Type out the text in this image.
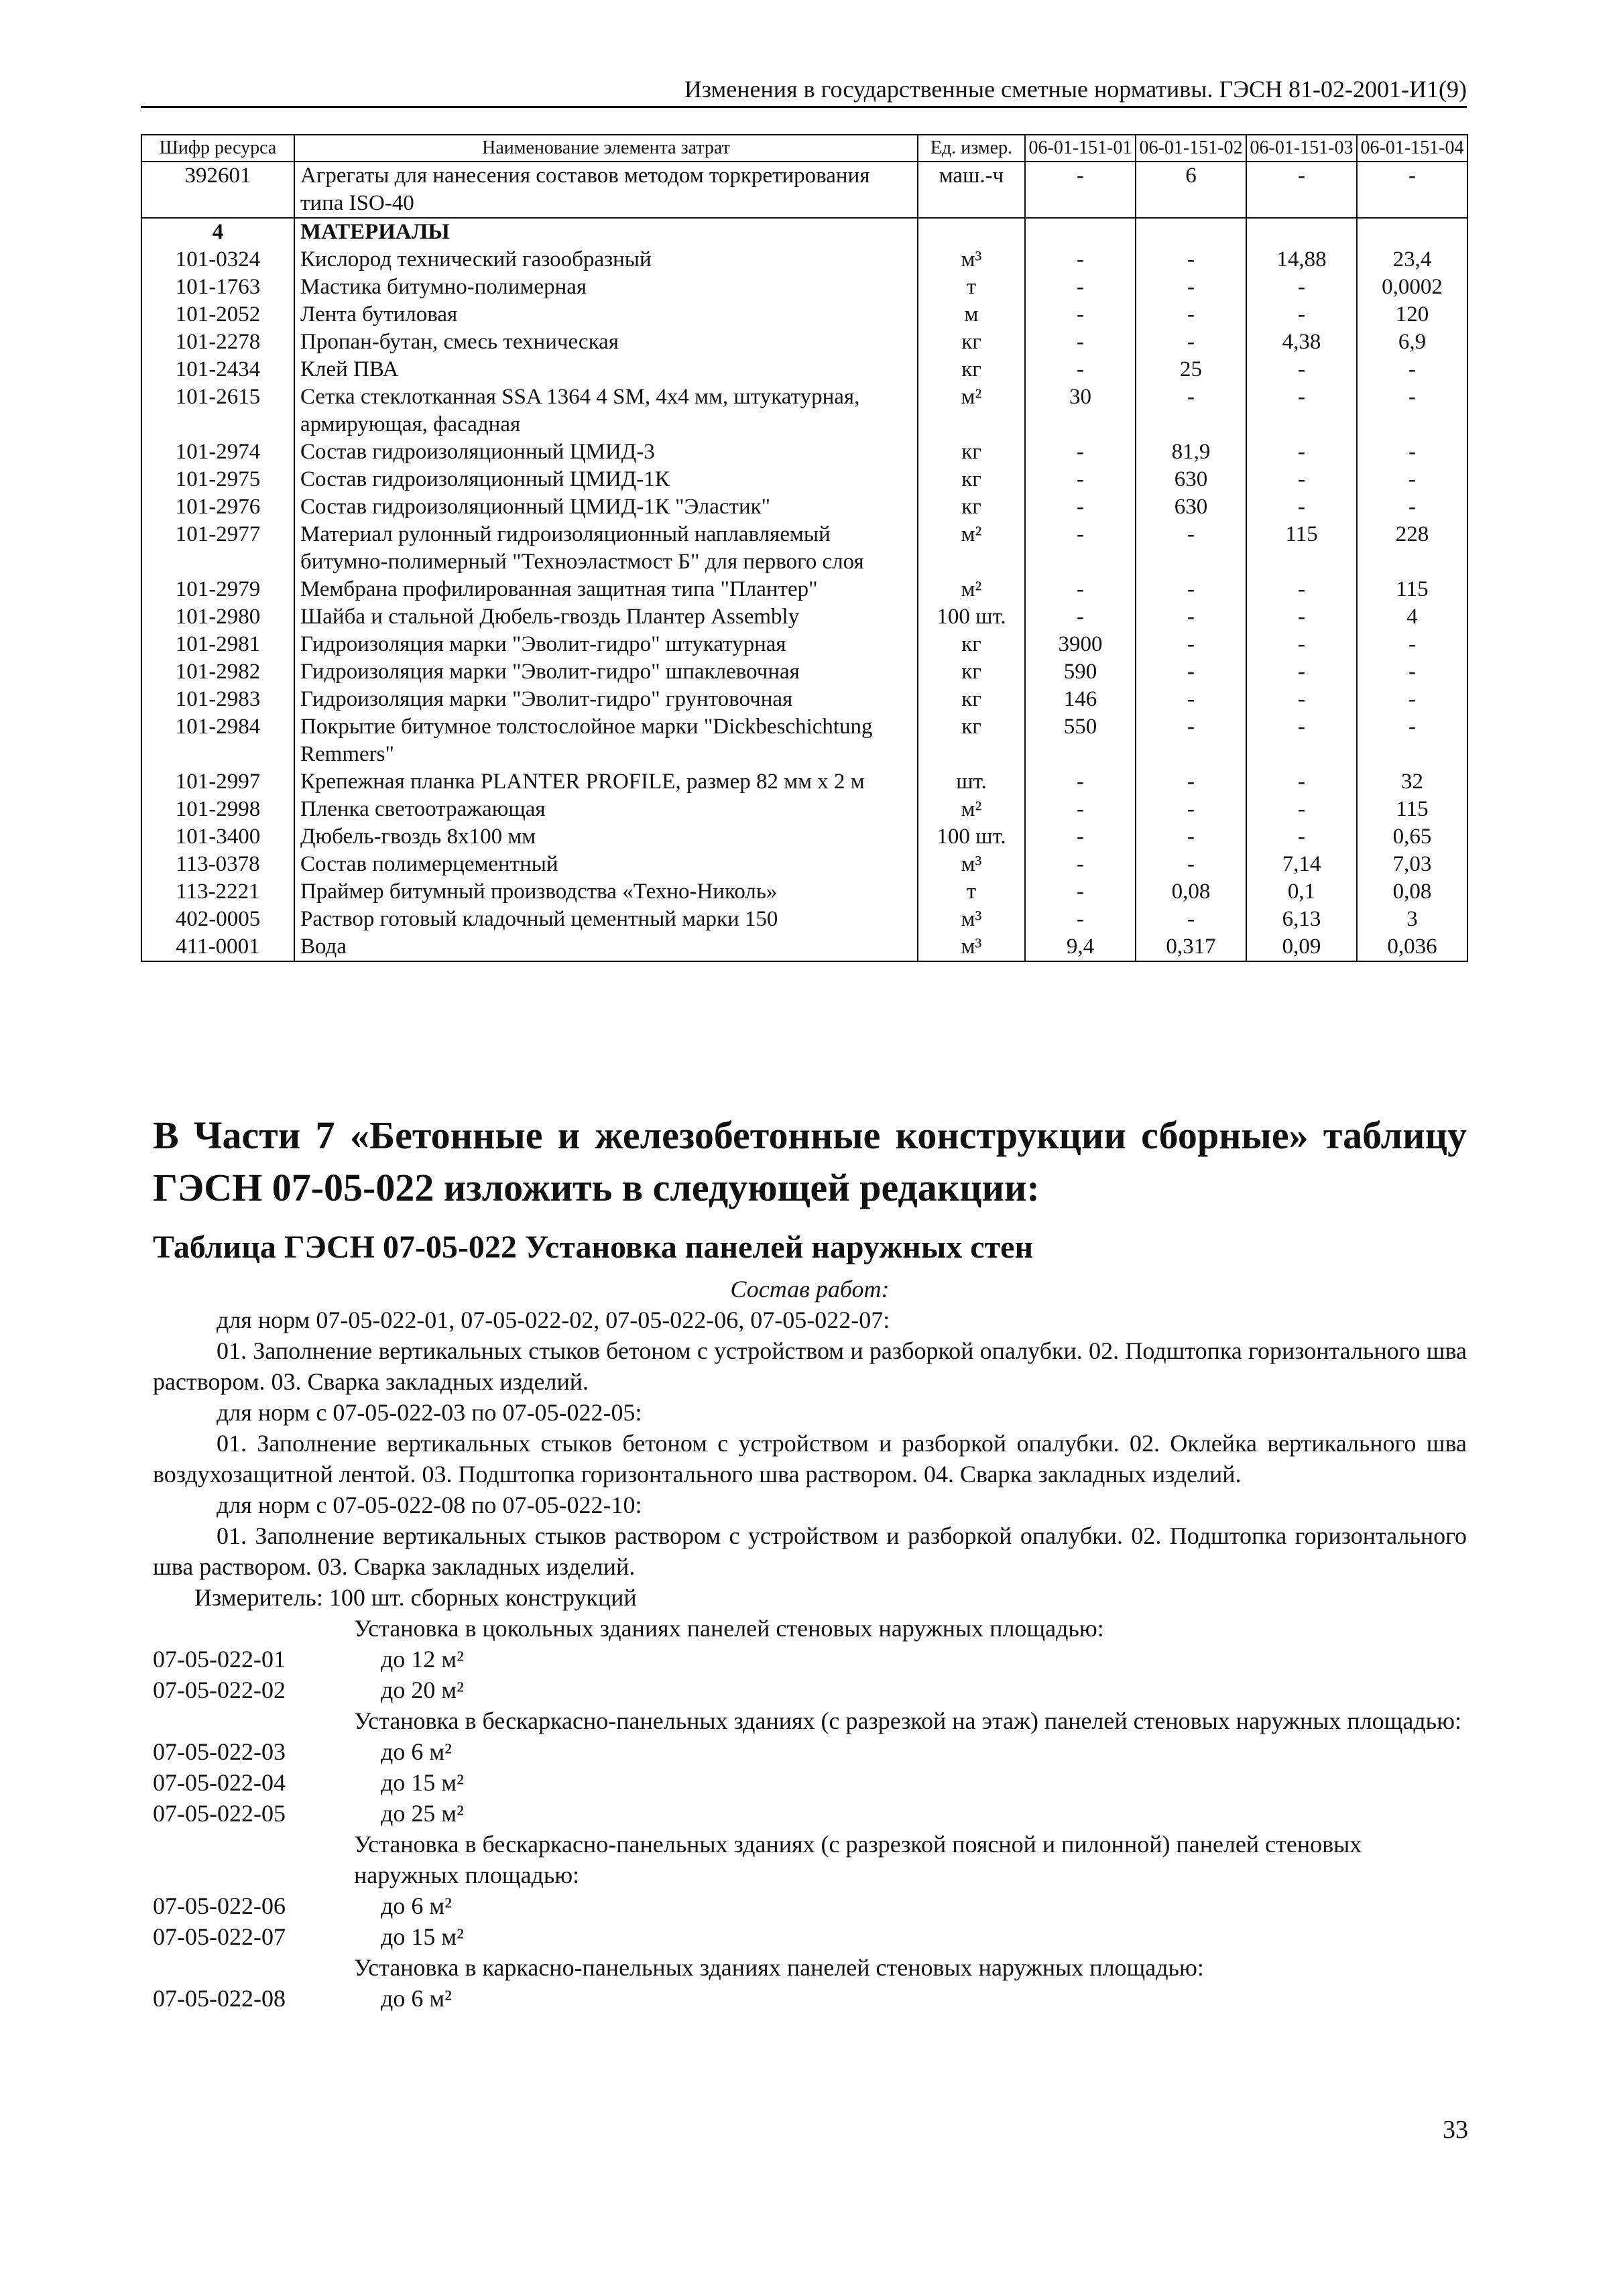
Изменения в государственные сметные нормативы. ГЭСН 81-02-2001-И1(9)
Шифр ресурса	Наименование элемента затрат	Ед. измер.	06-01-151-01	06-01-151-02	06-01-151-03	06-01-151-04
392601	Агрегаты для нанесения составов методом торкретирования типа ISO-40	маш.-ч	-	6	-	-
4	МАТЕРИАЛЫ					
101-0324	Кислород технический газообразный	м³	-	-	14,88	23,4
101-1763	Мастика битумно-полимерная	т	-	-	-	0,0002
101-2052	Лента бутиловая	м	-	-	-	120
101-2278	Пропан-бутан, смесь техническая	кг	-	-	4,38	6,9
101-2434	Клей ПВА	кг	-	25	-	-
101-2615	Сетка стеклотканная SSA 1364 4 SM, 4x4 мм, штукатурная, армирующая, фасадная	м²	30	-	-	-
101-2974	Состав гидроизоляционный ЦМИД-3	кг	-	81,9	-	-
101-2975	Состав гидроизоляционный ЦМИД-1К	кг	-	630	-	-
101-2976	Состав гидроизоляционный ЦМИД-1К "Эластик"	кг	-	630	-	-
101-2977	Материал рулонный гидроизоляционный наплавляемый битумно-полимерный "Техноэластмост Б" для первого слоя	м²	-	-	115	228
101-2979	Мембрана профилированная защитная типа "Плантер"	м²	-	-	-	115
101-2980	Шайба и стальной Дюбель-гвоздь Плантер Assembly	100 шт.	-	-	-	4
101-2981	Гидроизоляция марки "Эволит-гидро" штукатурная	кг	3900	-	-	-
101-2982	Гидроизоляция марки "Эволит-гидро" шпаклевочная	кг	590	-	-	-
101-2983	Гидроизоляция марки "Эволит-гидро" грунтовочная	кг	146	-	-	-
101-2984	Покрытие битумное толстослойное марки "Dickbeschichtung Remmers"	кг	550	-	-	-
101-2997	Крепежная планка PLANTER PROFILE, размер 82 мм х 2 м	шт.	-	-	-	32
101-2998	Пленка светоотражающая	м²	-	-	-	115
101-3400	Дюбель-гвоздь 8х100 мм	100 шт.	-	-	-	0,65
113-0378	Состав полимерцементный	м³	-	-	7,14	7,03
113-2221	Праймер битумный производства «Техно-Николь»	т	-	0,08	0,1	0,08
402-0005	Раствор готовый кладочный цементный марки 150	м³	-	-	6,13	3
411-0001	Вода	м³	9,4	0,317	0,09	0,036
В Части 7 «Бетонные и железобетонные конструкции сборные» таблицу ГЭСН 07-05-022 изложить в следующей редакции:
Таблица ГЭСН 07-05-022 Установка панелей наружных стен
Состав работ:
для норм 07-05-022-01, 07-05-022-02, 07-05-022-06, 07-05-022-07:
01. Заполнение вертикальных стыков бетоном с устройством и разборкой опалубки. 02. Подштопка горизонтального шва раствором. 03. Сварка закладных изделий.
для норм с 07-05-022-03 по 07-05-022-05:
01. Заполнение вертикальных стыков бетоном с устройством и разборкой опалубки. 02. Оклейка вертикального шва воздухозащитной лентой. 03. Подштопка горизонтального шва раствором. 04. Сварка закладных изделий.
для норм с 07-05-022-08 по 07-05-022-10:
01. Заполнение вертикальных стыков раствором с устройством и разборкой опалубки. 02. Подштопка горизонтального шва раствором. 03. Сварка закладных изделий.
Измеритель: 100 шт. сборных конструкций
Установка в цокольных зданиях панелей стеновых наружных площадью:
07-05-022-01	до 12 м²
07-05-022-02	до 20 м²
Установка в бескаркасно-панельных зданиях (с разрезкой на этаж) панелей стеновых наружных площадью:
07-05-022-03	до 6 м²
07-05-022-04	до 15 м²
07-05-022-05	до 25 м²
Установка в бескаркасно-панельных зданиях (с разрезкой поясной и пилонной) панелей стеновых наружных площадью:
07-05-022-06	до 6 м²
07-05-022-07	до 15 м²
Установка в каркасно-панельных зданиях панелей стеновых наружных площадью:
07-05-022-08	до 6 м²
33
